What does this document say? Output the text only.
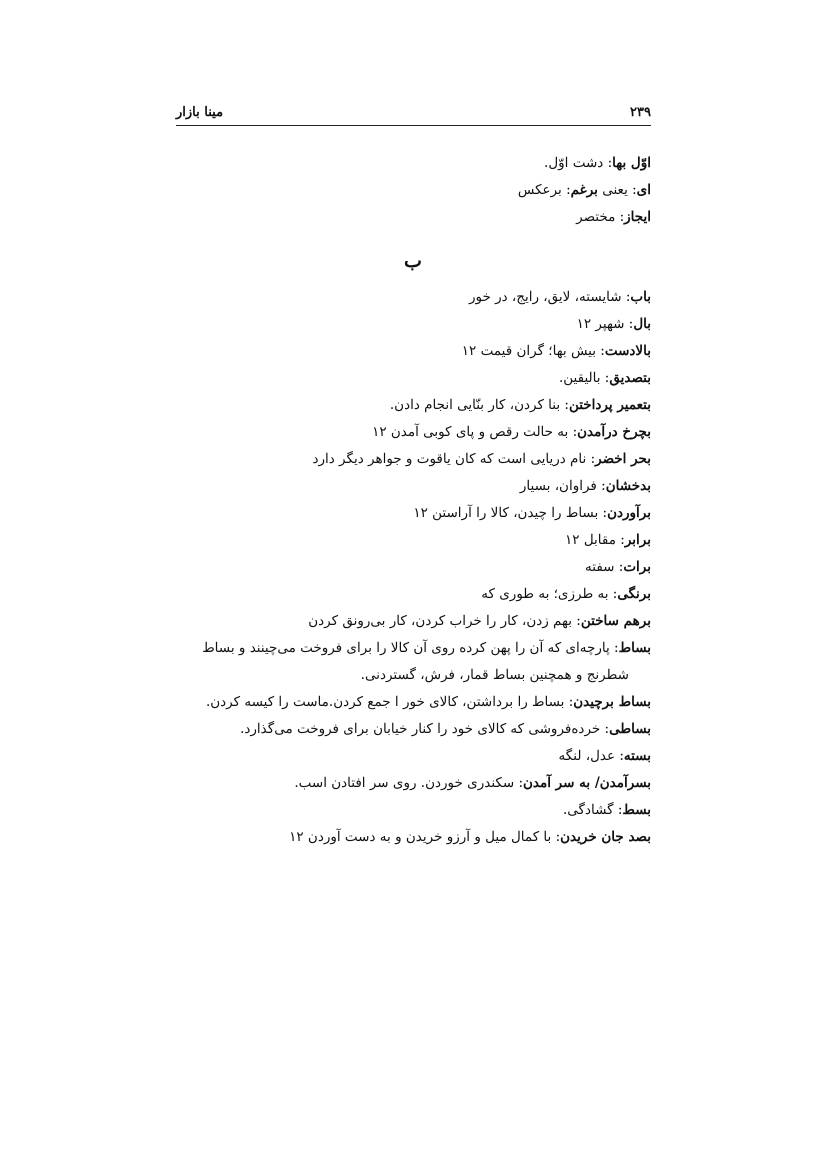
۲۳۹
مینا بازار
اوّل بها: دشت اوّل.
ای: یعنی برغم: برعکس
ایجاز: مختصر
ب
باب: شایسته، لایق، رایج، در خور
بال: شهپر ۱۲
بالادست: بیش بها؛ گران قیمت ۱۲
بتصدیق: بالیقین.
بتعمیر پرداختن: بنا کردن، کار بنّایی انجام دادن.
بچرخ درآمدن: به حالت رقص و پای کوبی آمدن ۱۲
بحر اخضر: نام دریایی است که کان یاقوت و جواهر دیگر دارد
بدخشان: فراوان، بسیار
برآوردن: بساط را چیدن، کالا را آراستن ۱۲
برابر: مقابل ۱۲
برات: سفته
برنگی: به طرزی؛ به طوری که
برهم ساختن: بهم زدن، کار را خراب کردن، کار بی‌رونق کردن
بساط: پارچه‌ای که آن را پهن کرده روی آن کالا را برای فروخت می‌چینند و بساط
شطرنج و همچنین بساط قمار، فرش، گستردنی.
بساط برچیدن: بساط را برداشتن، کالای خور ا جمع کردن.ماست را کیسه کردن.
بساطی: خرده‌فروشی که کالای خود را کنار خیابان برای فروخت می‌گذارد.
بسته: عدل، لنگه
بسرآمدن/ به سر آمدن: سکندری خوردن. روی سر افتادن اسب.
بسط: گشادگی.
بصد جان خریدن: با کمال میل و آرزو خریدن و به دست آوردن ۱۲
